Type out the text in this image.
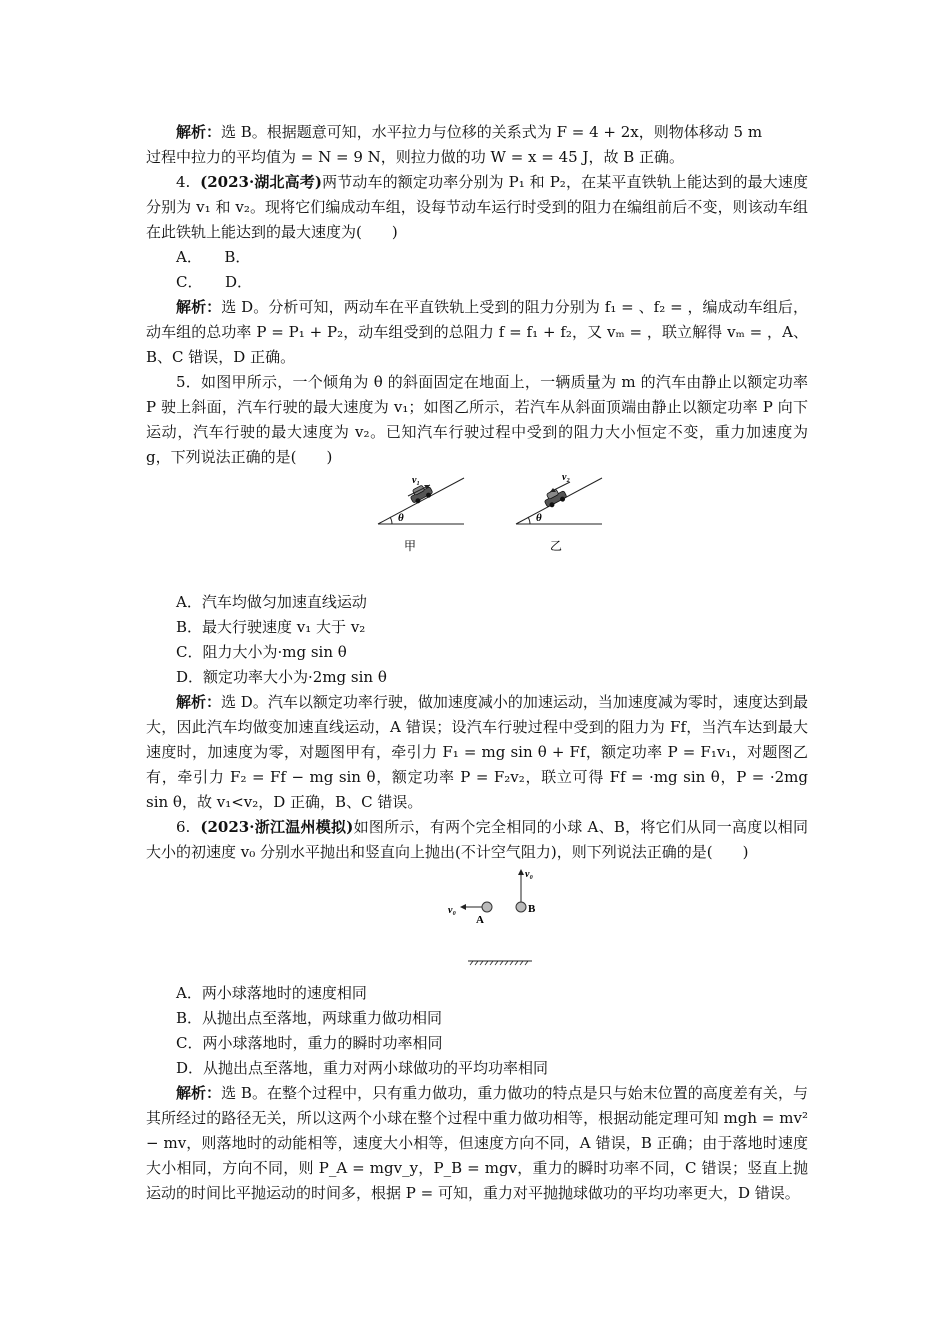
解析：选 B。根据题意可知，水平拉力与位移的关系式为 F = 4 + 2x，则物体移动 5 m
过程中拉力的平均值为 = N = 9 N，则拉力做的功 W = x = 45 J，故 B 正确。

4. (2023·湖北高考)两节动车的额定功率分别为 P₁ 和 P₂，在某平直铁轨上能达到的最大速度分别为 v₁ 和 v₂。现将它们编成动车组，设每节动车运行时受到的阻力在编组前后不变，则该动车组在此铁轨上能达到的最大速度为(　　)

A．　　B．

C．　　D．

解析：选 D。分析可知，两动车在平直铁轨上受到的阻力分别为 f₁ = 、f₂ = ，编成动车组后，动车组的总功率 P = P₁ + P₂，动车组受到的总阻力 f = f₁ + f₂，又 vₘ = ，联立解得 vₘ = ，A、B、C 错误，D 正确。

5．如图甲所示，一个倾角为 θ 的斜面固定在地面上，一辆质量为 m 的汽车由静止以额定功率 P 驶上斜面，汽车行驶的最大速度为 v₁；如图乙所示，若汽车从斜面顶端由静止以额定功率 P 向下运动，汽车行驶的最大速度为 v₂。已知汽车行驶过程中受到的阻力大小恒定不变，重力加速度为 g，下列说法正确的是(　　)

θ
v₁
甲
θ
v₂
乙

A．汽车均做匀加速直线运动

B．最大行驶速度 v₁ 大于 v₂

C．阻力大小为·mg sin θ

D．额定功率大小为·2mg sin θ

解析：选 D。汽车以额定功率行驶，做加速度减小的加速运动，当加速度减为零时，速度达到最大，因此汽车均做变加速直线运动，A 错误；设汽车行驶过程中受到的阻力为 Ff，当汽车达到最大速度时，加速度为零，对题图甲有，牵引力 F₁ = mg sin θ + Ff，额定功率 P = F₁v₁，对题图乙有，牵引力 F₂ = Ff − mg sin θ，额定功率 P = F₂v₂，联立可得 Ff = ·mg sin θ，P = ·2mg sin θ，故 v₁<v₂，D 正确，B、C 错误。

6. (2023·浙江温州模拟)如图所示，有两个完全相同的小球 A、B，将它们从同一高度以相同大小的初速度 v₀ 分别水平抛出和竖直向上抛出(不计空气阻力)，则下列说法正确的是(　　)

v₀
A
v₀
B

A．两小球落地时的速度相同

B．从抛出点至落地，两球重力做功相同

C．两小球落地时，重力的瞬时功率相同

D．从抛出点至落地，重力对两小球做功的平均功率相同

解析：选 B。在整个过程中，只有重力做功，重力做功的特点是只与始末位置的高度差有关，与其所经过的路径无关，所以这两个小球在整个过程中重力做功相等，根据动能定理可知 mgh = mv² − mv，则落地时的动能相等，速度大小相等，但速度方向不同，A 错误，B 正确；由于落地时速度大小相同，方向不同，则 P_A = mgv_y，P_B = mgv，重力的瞬时功率不同，C 错误；竖直上抛运动的时间比平抛运动的时间多，根据 P = 可知，重力对平抛抛球做功的平均功率更大，D 错误。
